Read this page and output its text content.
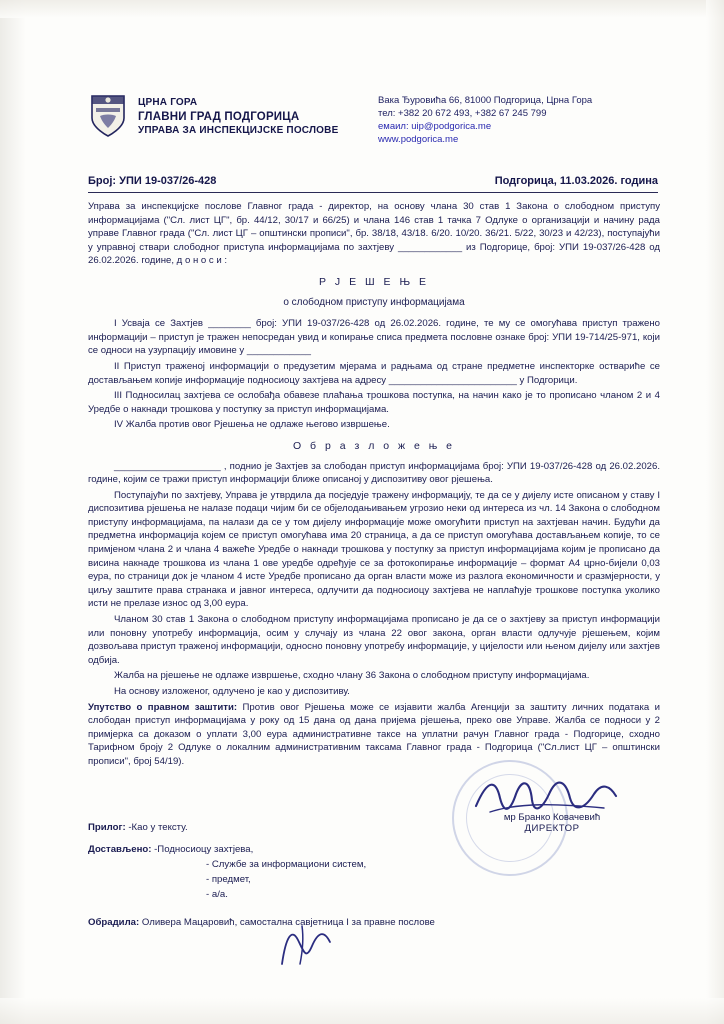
ЦРНА ГОРА
ГЛАВНИ ГРАД ПОДГОРИЦА
УПРАВА ЗА ИНСПЕКЦИЈСКЕ ПОСЛОВЕ
Вака Ђуровића 66, 81000 Подгорица, Црна Гора
тел: +382 20 672 493, +382 67 245 799
емаил: uip@podgorica.me
www.podgorica.me
Број: УПИ 19-037/26-428	Подгорица, 11.03.2026. година

Управа за инспекцијске послове Главног града - директор, на основу члана 30 став 1 Закона о слободном приступу информацијама ("Сл. лист ЦГ", бр. 44/12, 30/17 и 66/25) и члана 146 став 1 тачка 7 Одлуке о организацији и начину рада управе Главног града ("Сл. лист ЦГ – општински прописи", бр. 38/18, 43/18. 6/20. 10/20. 36/21. 5/22, 30/23 и 42/23), поступајући у управној ствари слободног приступа информацијама по захтјеву ____________ из Подгорице, број: УПИ 19-037/26-428 од 26.02.2026. године, д о н о с и :

Р Ј Е Ш Е Њ Е
о слободном приступу информацијама

I Усваја се Захтјев ________ број: УПИ 19-037/26-428 од 26.02.2026. године, те му се омогућава приступ тражено информацији – приступ је тражен непосредан увид и копирање списа предмета пословне ознаке број: УПИ 19-714/25-971, који се односи на узурпацију имовине у ____________

II Приступ траженој информацији о предузетим мјерама и радњама од стране предметне инспекторке оствариће се достављањем копије информације подносиоцу захтјева на адресу ________________________ у Подгорици.

III Подносилац захтјева се ослобађа обавезе плаћања трошкова поступка, на начин како је то прописано чланом 2 и 4 Уредбе о накнади трошкова у поступку за приступ информацијама.

IV Жалба против овог Рјешења не одлаже његово извршење.

О б р а з л о ж е њ е

____________________ , поднио је Захтјев за слободан приступ информацијама број: УПИ 19-037/26-428 од 26.02.2026. године, којим се тражи приступ информацији ближе описаној у диспозитиву овог рјешења.

Поступајући по захтјеву, Управа је утврдила да посједује тражену информацију, те да се у дијелу исте описаном у ставу I диспозитива рјешења не налазе подаци чијим би се објелодањивањем угрозио неки од интереса из чл. 14 Закона о слободном приступу информацијама, па налази да се у том дијелу информације може омогућити приступ на захтјеван начин. Будући да предметна информација којем се приступ омогућава има 20 страница, а да се приступ омогућава достављањем копије, то се примјеном члана 2 и члана 4 важеће Уредбе о накнади трошкова у поступку за приступ информацијама којим је прописано да висина накнаде трошкова из члана 1 ове уредбе одређује се за фотокопирање информације – формат А4 црно-бијели 0,03 еура, по страници док је чланом 4 исте Уредбе прописано да орган власти може из разлога економичности и сразмјерности, у циљу заштите права странака и јавног интереса, одлучити да подносиоцу захтјева не наплаћује трошкове поступка уколико исти не прелазе износ од 3,00 еура.

Чланом 30 став 1 Закона о слободном приступу информацијама прописано је да се о захтјеву за приступ информацији или поновну употребу информација, осим у случају из члана 22 овог закона, орган власти одлучује рјешењем, којим дозвољава приступ траженој информацији, односно поновну употребу информације, у цијелости или њеном дијелу или захтјев одбија.

Жалба на рјешење не одлаже извршење, сходно члану 36 Закона о слободном приступу информацијама.

На основу изложеног, одлучено је као у диспозитиву.

Упутство о правном заштити: Против овог Рјешења може се изјавити жалба Агенцији за заштиту личних података и слободан приступ информацијама у року од 15 дана од дана пријема рјешења, преко ове Управе. Жалба се подноси у 2 примјерка са доказом о уплати 3,00 еура административне таксе на уплатни рачун Главног града - Подгорице, сходно Тарифном броју 2 Одлуке о локалним административним таксама Главног града - Подгорица ("Сл.лист ЦГ – општински прописи", број 54/19).

мр Бранко Ковачевић
ДИРЕКТОР
Прилог: -Као у тексту.
Достављено: -Подносиоцу захтјева,
- Службе за информациони систем,
- предмет,
- а/а.
Обрадила: Оливера Мацаровић, самостална савјетница I за правне послове
